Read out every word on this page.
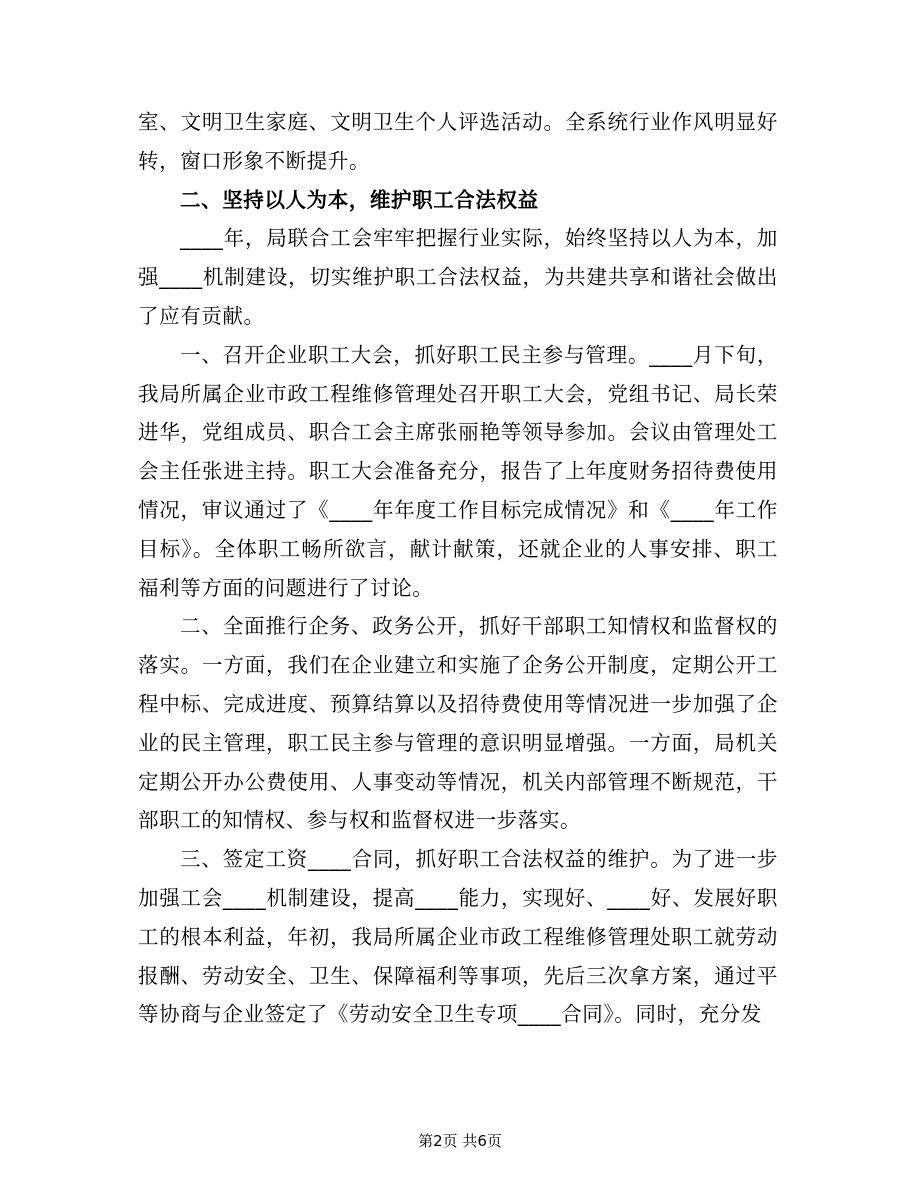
室、文明卫生家庭、文明卫生个人评选活动。全系统行业作风明显好转，窗口形象不断提升。

二、坚持以人为本，维护职工合法权益

____年，局联合工会牢牢把握行业实际，始终坚持以人为本，加强____机制建设，切实维护职工合法权益，为共建共享和谐社会做出了应有贡献。

一、召开企业职工大会，抓好职工民主参与管理。____月下旬，我局所属企业市政工程维修管理处召开职工大会，党组书记、局长荣进华，党组成员、职合工会主席张丽艳等领导参加。会议由管理处工会主任张进主持。职工大会准备充分，报告了上年度财务招待费使用情况，审议通过了《____年年度工作目标完成情况》和《____年工作目标》。全体职工畅所欲言，献计献策，还就企业的人事安排、职工福利等方面的问题进行了讨论。

二、全面推行企务、政务公开，抓好干部职工知情权和监督权的落实。一方面，我们在企业建立和实施了企务公开制度，定期公开工程中标、完成进度、预算结算以及招待费使用等情况进一步加强了企业的民主管理，职工民主参与管理的意识明显增强。一方面，局机关定期公开办公费使用、人事变动等情况，机关内部管理不断规范，干部职工的知情权、参与权和监督权进一步落实。

三、签定工资____合同，抓好职工合法权益的维护。为了进一步加强工会____机制建设，提高____能力，实现好、____好、发展好职工的根本利益，年初，我局所属企业市政工程维修管理处职工就劳动报酬、劳动安全、卫生、保障福利等事项，先后三次拿方案，通过平等协商与企业签定了《劳动安全卫生专项____合同》。同时，充分发

第2页 共6页
